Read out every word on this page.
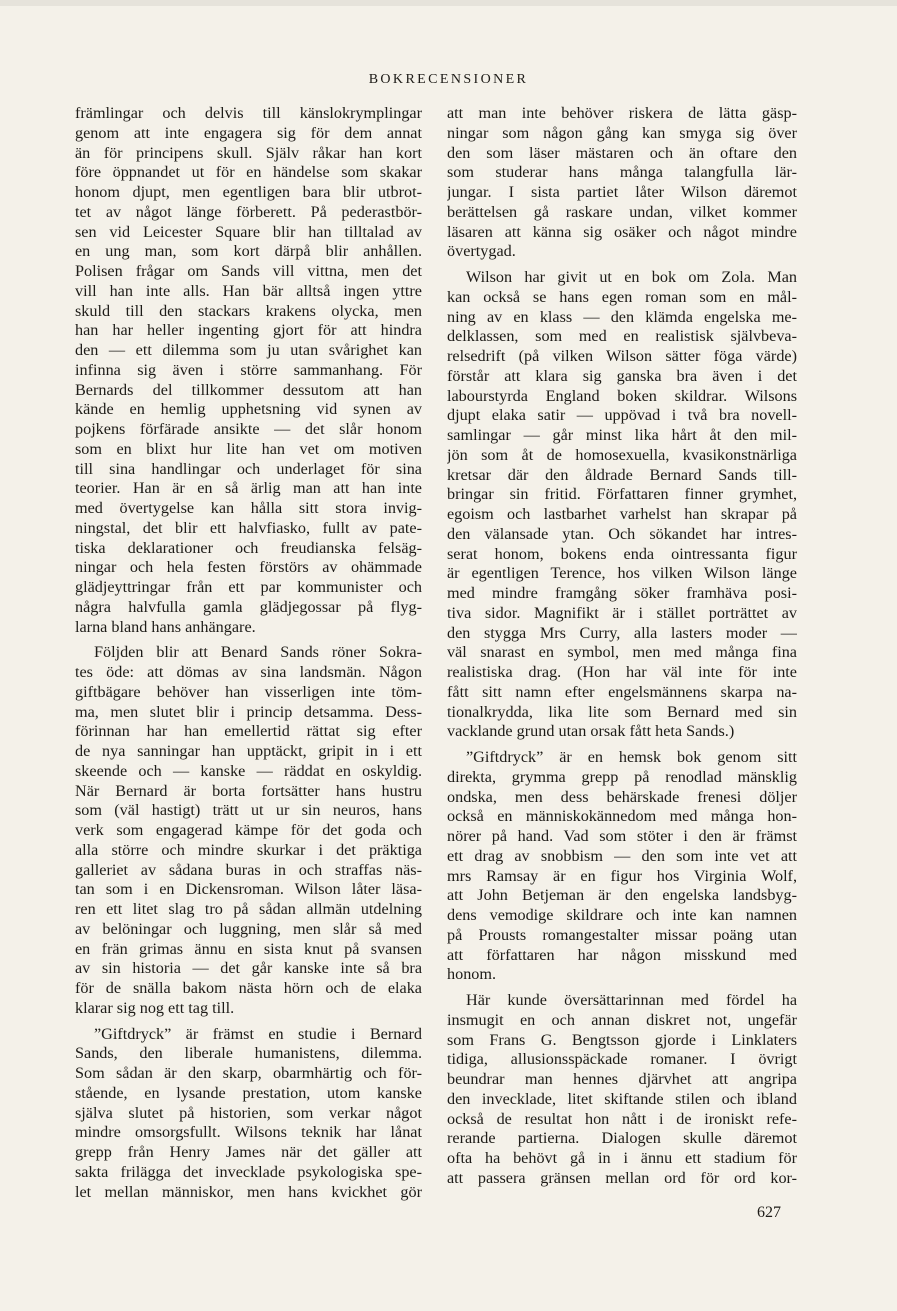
BOKRECENSIONER
främlingar och delvis till känslokrymplingar
genom att inte engagera sig för dem annat
än för principens skull. Själv råkar han kort
före öppnandet ut för en händelse som skakar
honom djupt, men egentligen bara blir utbrot-
tet av något länge förberett. På pederastbör-
sen vid Leicester Square blir han tilltalad av
en ung man, som kort därpå blir anhållen.
Polisen frågar om Sands vill vittna, men det
vill han inte alls. Han bär alltså ingen yttre
skuld till den stackars krakens olycka, men
han har heller ingenting gjort för att hindra
den — ett dilemma som ju utan svårighet kan
infinna sig även i större sammanhang. För
Bernards del tillkommer dessutom att han
kände en hemlig upphetsning vid synen av
pojkens förfärade ansikte — det slår honom
som en blixt hur lite han vet om motiven
till sina handlingar och underlaget för sina
teorier. Han är en så ärlig man att han inte
med övertygelse kan hålla sitt stora invig-
ningstal, det blir ett halvfiasko, fullt av pate-
tiska deklarationer och freudianska felsäg-
ningar och hela festen förstörs av ohämmade
glädjeyttringar från ett par kommunister och
några halvfulla gamla glädjegossar på flyg-
larna bland hans anhängare.
Följden blir att Benard Sands röner Sokra-
tes öde: att dömas av sina landsmän. Någon
giftbägare behöver han visserligen inte töm-
ma, men slutet blir i princip detsamma. Dess-
förinnan har han emellertid rättat sig efter
de nya sanningar han upptäckt, gripit in i ett
skeende och — kanske — räddat en oskyldig.
När Bernard är borta fortsätter hans hustru
som (väl hastigt) trätt ut ur sin neuros, hans
verk som engagerad kämpe för det goda och
alla större och mindre skurkar i det präktiga
galleriet av sådana buras in och straffas näs-
tan som i en Dickensroman. Wilson låter läsa-
ren ett litet slag tro på sådan allmän utdelning
av belöningar och luggning, men slår så med
en frän grimas ännu en sista knut på svansen
av sin historia — det går kanske inte så bra
för de snälla bakom nästa hörn och de elaka
klarar sig nog ett tag till.
”Giftdryck” är främst en studie i Bernard
Sands, den liberale humanistens, dilemma.
Som sådan är den skarp, obarmhärtig och för-
stående, en lysande prestation, utom kanske
själva slutet på historien, som verkar något
mindre omsorgsfullt. Wilsons teknik har lånat
grepp från Henry James när det gäller att
sakta frilägga det invecklade psykologiska spe-
let mellan människor, men hans kvickhet gör
att man inte behöver riskera de lätta gäsp-
ningar som någon gång kan smyga sig över
den som läser mästaren och än oftare den
som studerar hans många talangfulla lär-
jungar. I sista partiet låter Wilson däremot
berättelsen gå raskare undan, vilket kommer
läsaren att känna sig osäker och något mindre
övertygad.
Wilson har givit ut en bok om Zola. Man
kan också se hans egen roman som en mål-
ning av en klass — den klämda engelska me-
delklassen, som med en realistisk självbeva-
relsedrift (på vilken Wilson sätter föga värde)
förstår att klara sig ganska bra även i det
labourstyrda England boken skildrar. Wilsons
djupt elaka satir — uppövad i två bra novell-
samlingar — går minst lika hårt åt den mil-
jön som åt de homosexuella, kvasikonstnärliga
kretsar där den åldrade Bernard Sands till-
bringar sin fritid. Författaren finner grymhet,
egoism och lastbarhet varhelst han skrapar på
den välansade ytan. Och sökandet har intres-
serat honom, bokens enda ointressanta figur
är egentligen Terence, hos vilken Wilson länge
med mindre framgång söker framhäva posi-
tiva sidor. Magnifikt är i stället porträttet av
den stygga Mrs Curry, alla lasters moder —
väl snarast en symbol, men med många fina
realistiska drag. (Hon har väl inte för inte
fått sitt namn efter engelsmännens skarpa na-
tionalkrydda, lika lite som Bernard med sin
vacklande grund utan orsak fått heta Sands.)
”Giftdryck” är en hemsk bok genom sitt
direkta, grymma grepp på renodlad mänsklig
ondska, men dess behärskade frenesi döljer
också en människokännedom med många hon-
nörer på hand. Vad som stöter i den är främst
ett drag av snobbism — den som inte vet att
mrs Ramsay är en figur hos Virginia Wolf,
att John Betjeman är den engelska landsbyg-
dens vemodige skildrare och inte kan namnen
på Prousts romangestalter missar poäng utan
att författaren har någon misskund med
honom.
Här kunde översättarinnan med fördel ha
insmugit en och annan diskret not, ungefär
som Frans G. Bengtsson gjorde i Linklaters
tidiga, allusionsspäckade romaner. I övrigt
beundrar man hennes djärvhet att angripa
den invecklade, litet skiftande stilen och ibland
också de resultat hon nått i de ironiskt refe-
rerande partierna. Dialogen skulle däremot
ofta ha behövt gå in i ännu ett stadium för
att passera gränsen mellan ord för ord kor-
627
